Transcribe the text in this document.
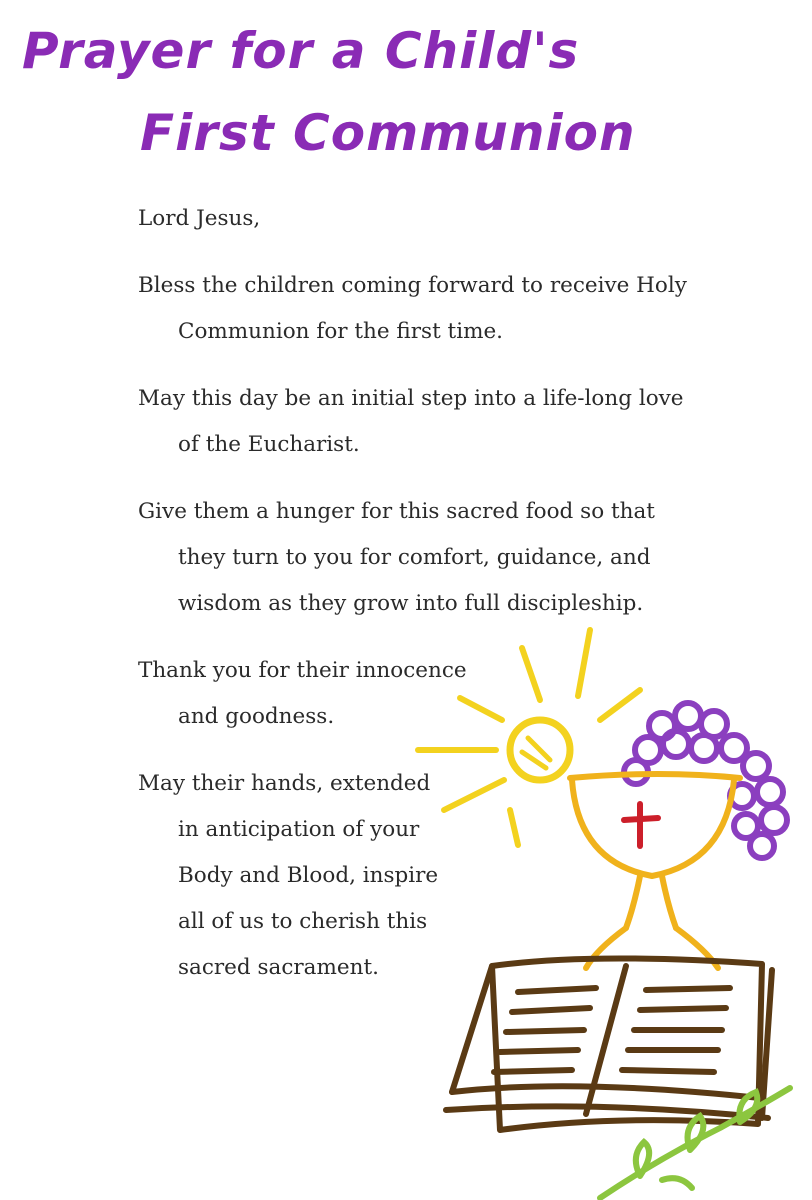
Prayer for a Child's
First Communion

Lord Jesus,

Bless the children coming forward to receive Holy
Communion for the first time.

May this day be an initial step into a life-long love
of the Eucharist.

Give them a hunger for this sacred food so that
they turn to you for comfort, guidance, and
wisdom as they grow into full discipleship.

Thank you for their innocence
and goodness.

May their hands, extended
in anticipation of your
Body and Blood, inspire
all of us to cherish this
sacred sacrament.
